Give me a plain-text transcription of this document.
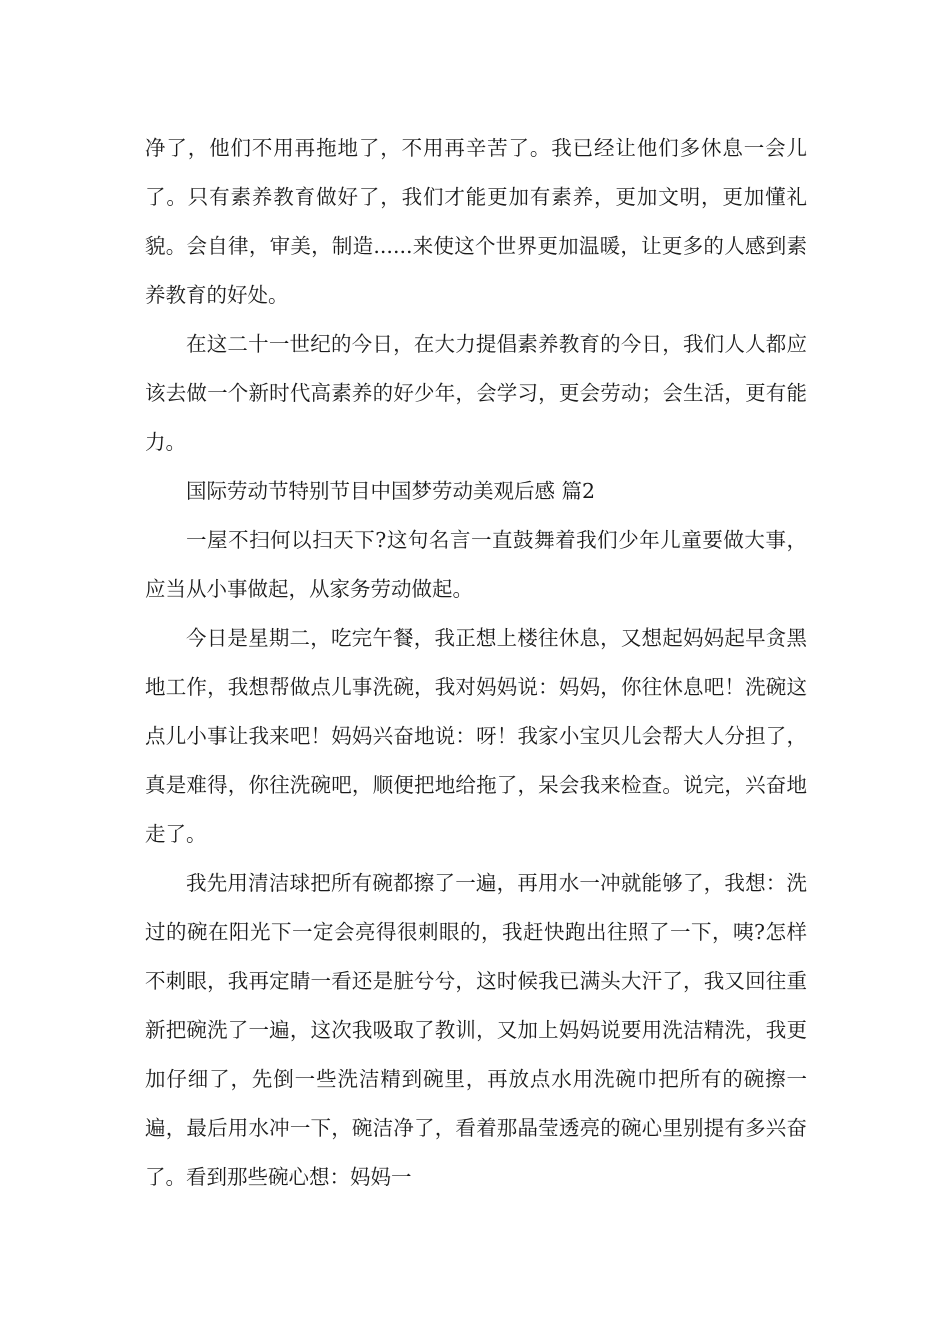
净了，他们不用再拖地了，不用再辛苦了。我已经让他们多休息一会儿了。只有素养教育做好了，我们才能更加有素养，更加文明，更加懂礼貌。会自律，审美，制造......来使这个世界更加温暖，让更多的人感到素养教育的好处。

在这二十一世纪的今日，在大力提倡素养教育的今日，我们人人都应该去做一个新时代高素养的好少年，会学习，更会劳动；会生活，更有能力。

国际劳动节特别节目中国梦劳动美观后感 篇2

一屋不扫何以扫天下?这句名言一直鼓舞着我们少年儿童要做大事，应当从小事做起，从家务劳动做起。

今日是星期二，吃完午餐，我正想上楼往休息，又想起妈妈起早贪黑地工作，我想帮做点儿事洗碗，我对妈妈说：妈妈，你往休息吧！洗碗这点儿小事让我来吧！妈妈兴奋地说：呀！我家小宝贝儿会帮大人分担了，真是难得，你往洗碗吧，顺便把地给拖了，呆会我来检查。说完，兴奋地走了。

我先用清洁球把所有碗都擦了一遍，再用水一冲就能够了，我想：洗过的碗在阳光下一定会亮得很刺眼的，我赶快跑出往照了一下，咦?怎样不刺眼，我再定睛一看还是脏兮兮，这时候我已满头大汗了，我又回往重新把碗洗了一遍，这次我吸取了教训，又加上妈妈说要用洗洁精洗，我更加仔细了，先倒一些洗洁精到碗里，再放点水用洗碗巾把所有的碗擦一遍，最后用水冲一下，碗洁净了，看着那晶莹透亮的碗心里别提有多兴奋了。看到那些碗心想：妈妈一
